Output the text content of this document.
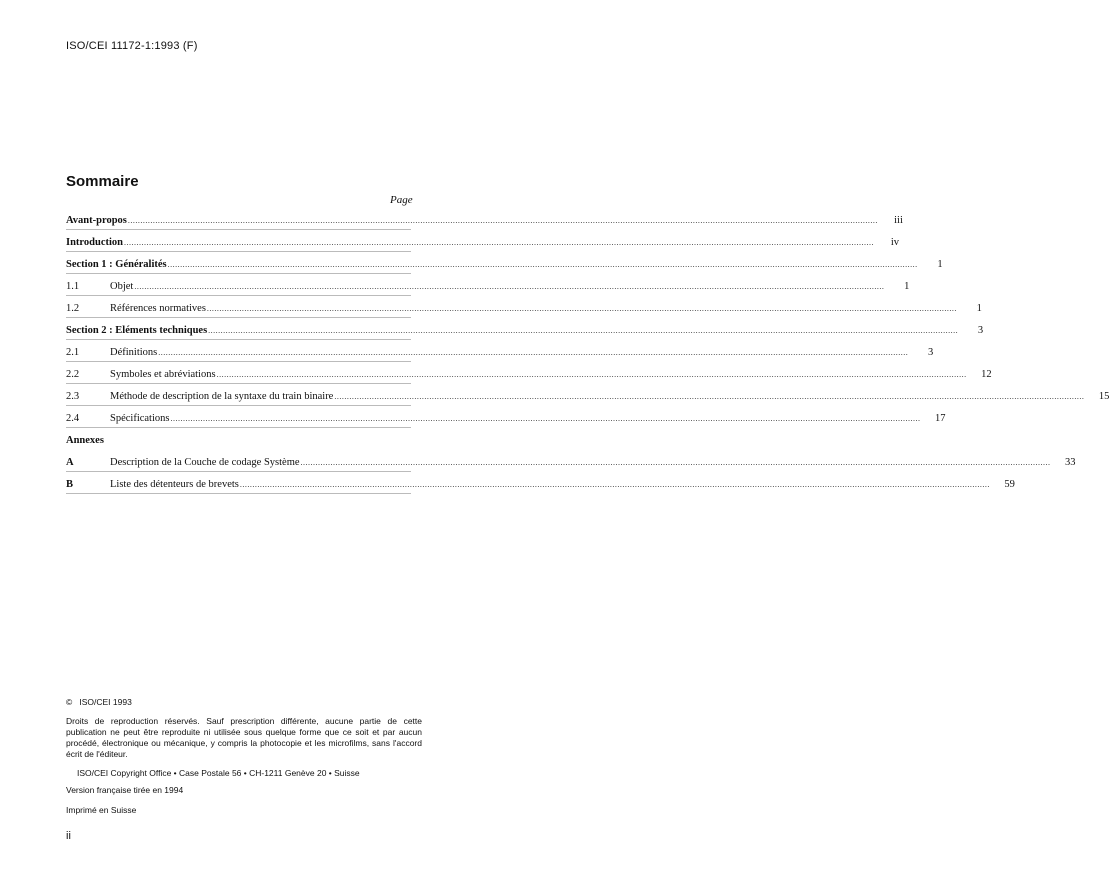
ISO/CEI 11172-1:1993 (F)
Sommaire
Page
Avant-propos ............................................................................................................................................................................................................................................................................................................	iii
Introduction ............................................................................................................................................................................................................................................................................................................	iv
Section 1 : Généralités ............................................................................................................................................................................................................................................................................................................	1
1.1	Objet ............................................................................................................................................................................................................................................................................................................	1
1.2	Références normatives ............................................................................................................................................................................................................................................................................................................	1
Section 2 : Eléments techniques ............................................................................................................................................................................................................................................................................................................	3
2.1	Définitions ............................................................................................................................................................................................................................................................................................................	3
2.2	Symboles et abréviations ............................................................................................................................................................................................................................................................................................................	12
2.3	Méthode de description de la syntaxe du train binaire ............................................................................................................................................................................................................................................................................................................	15
2.4	Spécifications ............................................................................................................................................................................................................................................................................................................	17
Annexes
A	Description de la Couche de codage Système ............................................................................................................................................................................................................................................................................................................	33
B	Liste des détenteurs de brevets ............................................................................................................................................................................................................................................................................................................	59

© ISO/CEI 1993

Droits de reproduction réservés. Sauf prescription différente, aucune partie de cette publication ne peut être reproduite ni utilisée sous quelque forme que ce soit et par aucun procédé, électronique ou mécanique, y compris la photocopie et les microfilms, sans l'accord écrit de l'éditeur.

ISO/CEI Copyright Office • Case Postale 56 • CH-1211 Genève 20 • Suisse

Version française tirée en 1994

Imprimé en Suisse

ii
